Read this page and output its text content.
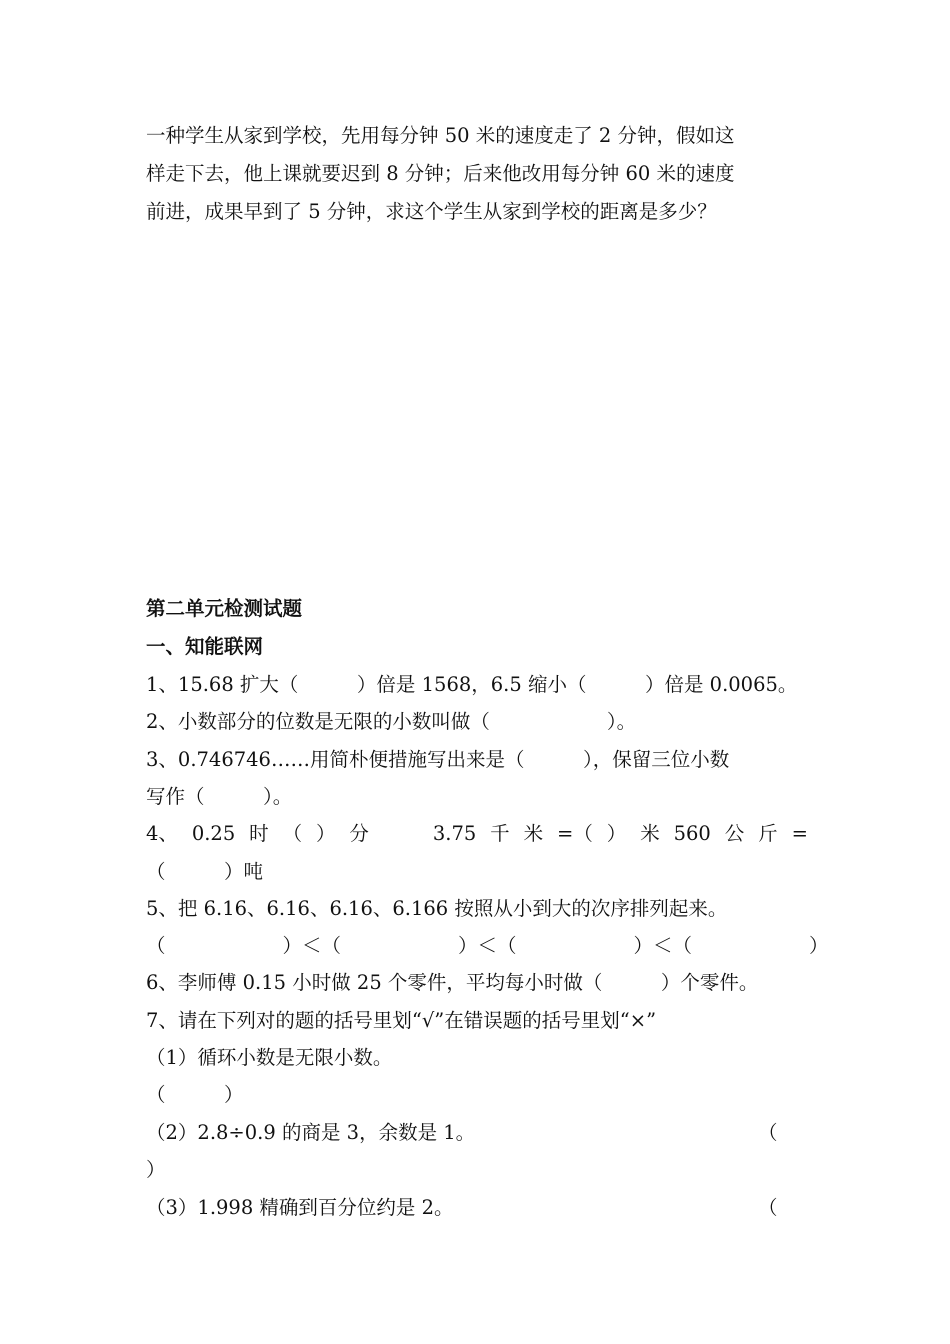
一种学生从家到学校，先用每分钟 50 米的速度走了 2 分钟，假如这
样走下去，他上课就要迟到 8 分钟；后来他改用每分钟 60 米的速度
前进，成果早到了 5 分钟，求这个学生从家到学校的距离是多少？
第二单元检测试题
一、知能联网
1、15.68 扩大（　　　）倍是 1568，6.5 缩小（　　　）倍是 0.0065。
2、小数部分的位数是无限的小数叫做（　　　　　　）。
3、0.746746……用简朴便措施写出来是（　　　），保留三位小数
写作（　　　）。
4、 0.25 时 （ ） 分	3.75 千 米 =（ ） 米 560 公 斤 =
（　　　）吨
5、把 6.16、6.16、6.16、6.166 按照从小到大的次序排列起来。
（　　　　　　）＜（　　　　　　）＜（　　　　　　）＜（　　　　　　）
6、李师傅 0.15 小时做 25 个零件，平均每小时做（　　　）个零件。
7、请在下列对的题的括号里划“√”在错误题的括号里划“×”
（1）循环小数是无限小数。
（　　　）
（2）2.8÷0.9 的商是 3，余数是 1。	（
）
（3）1.998 精确到百分位约是 2。	（
